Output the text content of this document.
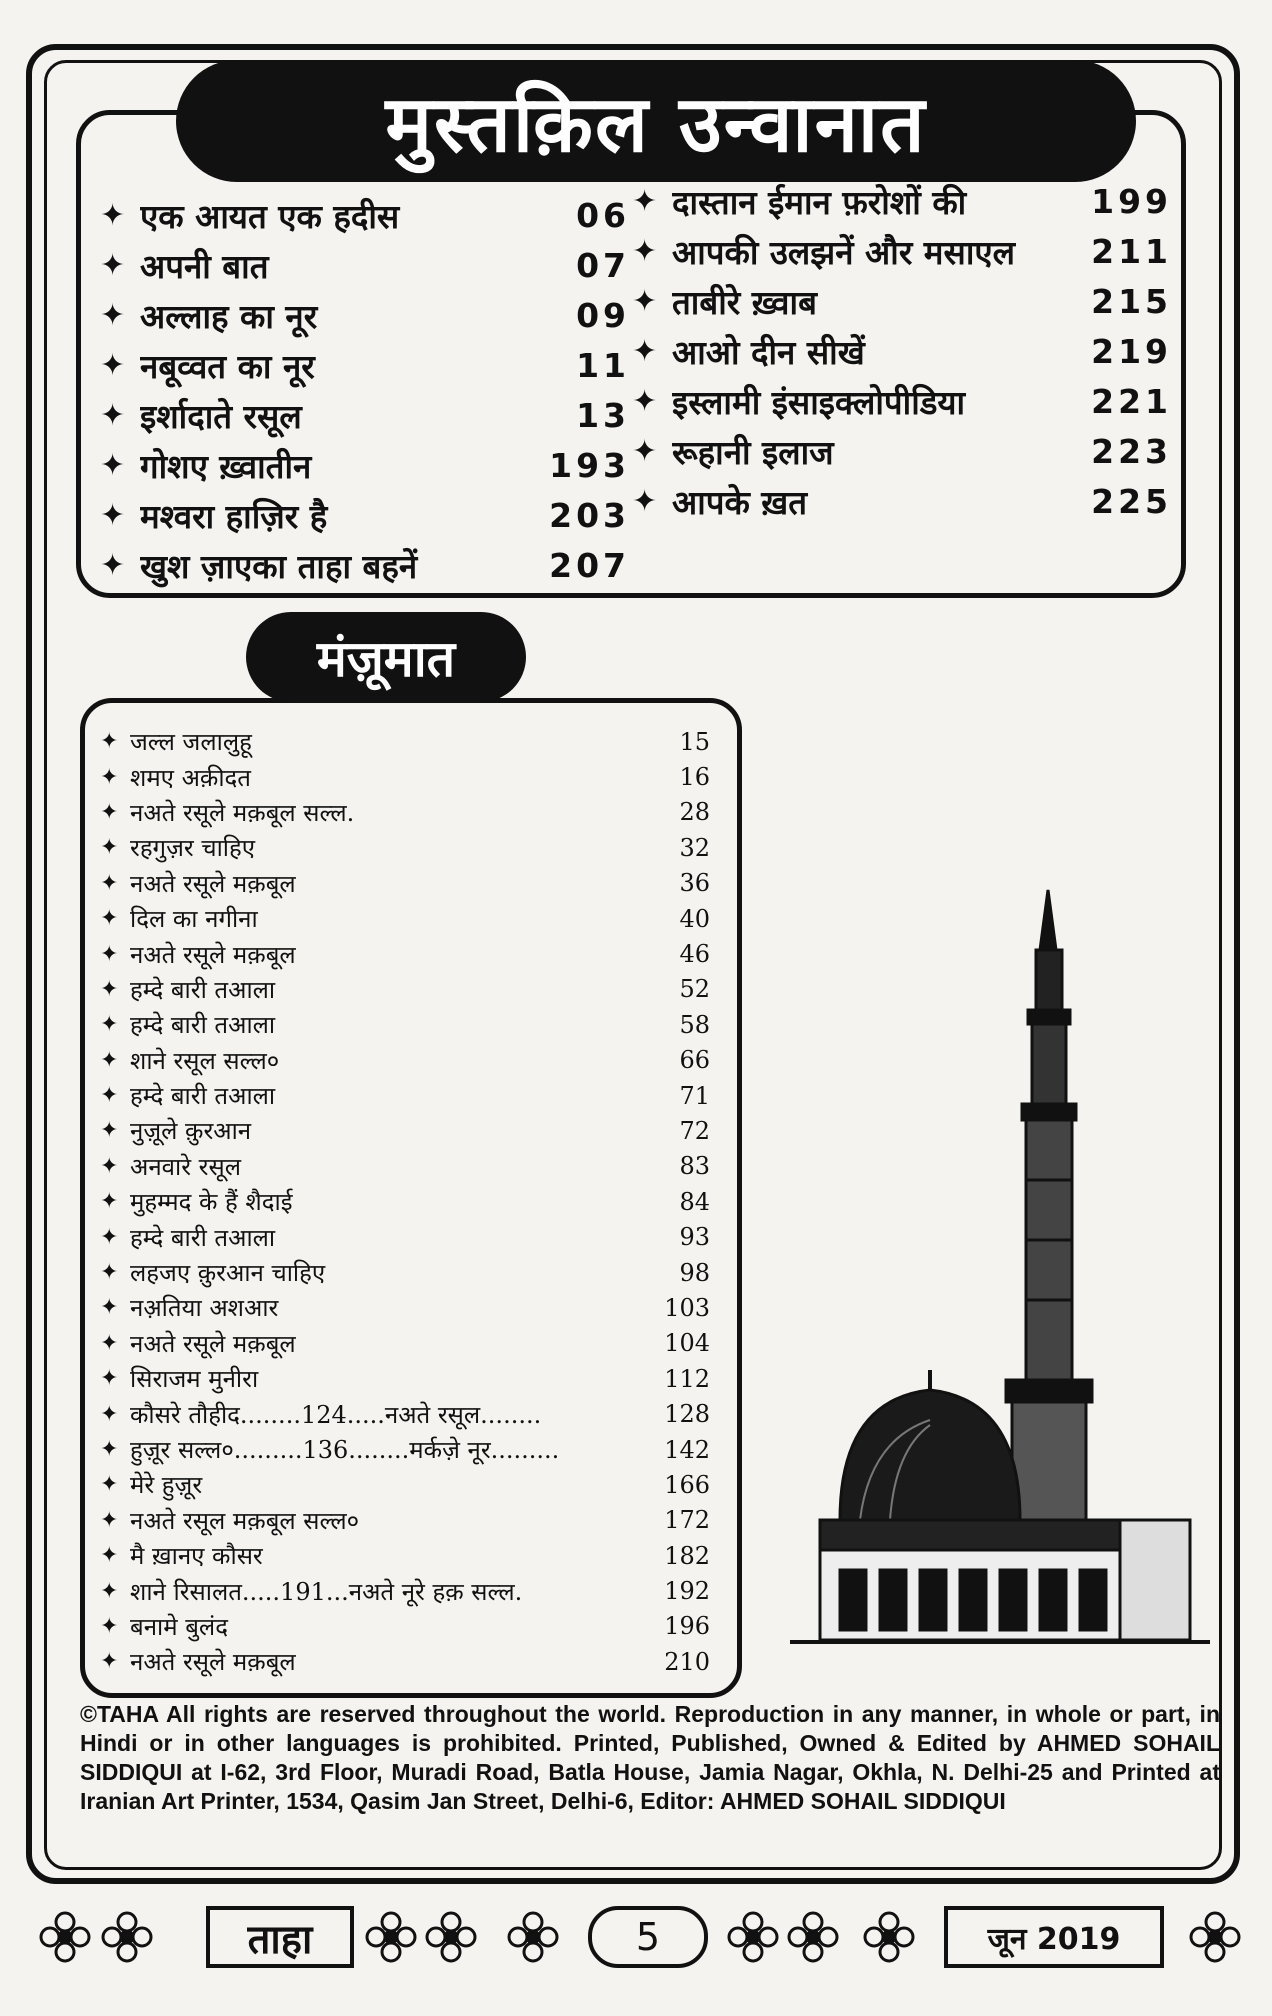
मुस्तक़िल उन्वानात
✦ एक आयत एक हदीस	06
✦ अपनी बात	07
✦ अल्लाह का नूर	09
✦ नबूव्वत का नूर	11
✦ इर्शादाते रसूल	13
✦ गोशए ख़्वातीन	193
✦ मश्वरा हाज़िर है	203
✦ खुश ज़ाएका ताहा बहनें	207
✦ दास्तान ईमान फ़रोशों की	199
✦ आपकी उलझनें और मसाएल	211
✦ ताबीरे ख़्वाब	215
✦ आओ दीन सीखें	219
✦ इस्लामी इंसाइक्लोपीडिया	221
✦ रूहानी इलाज	223
✦ आपके ख़त	225
मंज़ूमात
✦ जल्ल जलालुहू	15
✦ शमए अक़ीदत	16
✦ नअते रसूले मक़बूल सल्ल.	28
✦ रहगुज़र चाहिए	32
✦ नअते रसूले मक़बूल	36
✦ दिल का नगीना	40
✦ नअते रसूले मक़बूल	46
✦ हम्दे बारी तआला	52
✦ हम्दे बारी तआला	58
✦ शाने रसूल सल्ल०	66
✦ हम्दे बारी तआला	71
✦ नुज़ूले क़ुरआन	72
✦ अनवारे रसूल	83
✦ मुहम्मद के हैं शैदाई	84
✦ हम्दे बारी तआला	93
✦ लहजए क़ुरआन चाहिए	98
✦ नअ़तिया अशआर	103
✦ नअते रसूले मक़बूल	104
✦ सिराजम मुनीरा	112
✦ कौसरे तौहीद........124.....नअते रसूल........	128
✦ हुज़ूर सल्ल०.........136........मर्कज़े नूर.........	142
✦ मेरे हुज़ूर	166
✦ नअते रसूल मक़बूल सल्ल०	172
✦ मै ख़ानए कौसर	182
✦ शाने रिसालत.....191...नअते नूरे हक़ सल्ल.	192
✦ बनामे बुलंद	196
✦ नअते रसूले मक़बूल	210
©TAHA All rights are reserved throughout the world. Reproduction in any manner, in whole or part, in Hindi or in other languages is prohibited. Printed, Published, Owned & Edited by AHMED SOHAIL SIDDIQUI at I-62, 3rd Floor, Muradi Road, Batla House, Jamia Nagar, Okhla, N. Delhi-25 and Printed at Iranian Art Printer, 1534, Qasim Jan Street, Delhi-6, Editor: AHMED SOHAIL SIDDIQUI
ताहा	5	जून 2019
